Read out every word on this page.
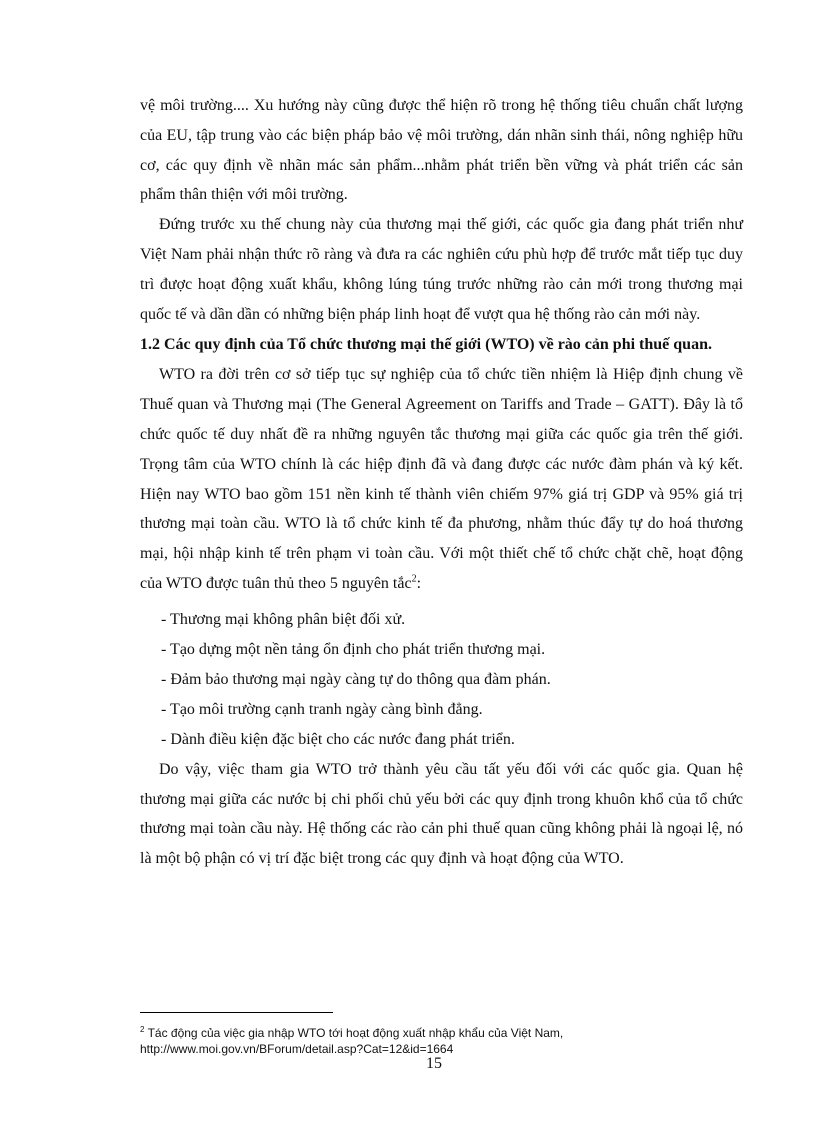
vệ môi trường.... Xu hướng này cũng được thể hiện rõ trong hệ thống tiêu chuẩn chất lượng của EU, tập trung vào các biện pháp bảo vệ môi trường, dán nhãn sinh thái, nông nghiệp hữu cơ, các quy định về nhãn mác sản phẩm...nhằm phát triển bền vững và phát triển các sản phẩm thân thiện với môi trường.

Đứng trước xu thế chung này của thương mại thế giới, các quốc gia đang phát triển như Việt Nam phải nhận thức rõ ràng và đưa ra các nghiên cứu phù hợp để trước mắt tiếp tục duy trì được hoạt động xuất khẩu, không lúng túng trước những rào cản mới trong thương mại quốc tế và dần dần có những biện pháp linh hoạt để vượt qua hệ thống rào cản mới này.

1.2 Các quy định của Tổ chức thương mại thế giới (WTO) về rào cản phi thuế quan.

WTO ra đời trên cơ sở tiếp tục sự nghiệp của tổ chức tiền nhiệm là Hiệp định chung về Thuế quan và Thương mại (The General Agreement on Tariffs and Trade – GATT). Đây là tổ chức quốc tế duy nhất đề ra những nguyên tắc thương mại giữa các quốc gia trên thế giới. Trọng tâm của WTO chính là các hiệp định đã và đang được các nước đàm phán và ký kết. Hiện nay WTO bao gồm 151 nền kinh tế thành viên chiếm 97% giá trị GDP và 95% giá trị thương mại toàn cầu. WTO là tổ chức kinh tế đa phương, nhằm thúc đẩy tự do hoá thương mại, hội nhập kinh tế trên phạm vi toàn cầu. Với một thiết chế tổ chức chặt chẽ, hoạt động của WTO được tuân thủ theo 5 nguyên tắc$^2$:

- Thương mại không phân biệt đối xử.
- Tạo dựng một nền tảng ổn định cho phát triển thương mại.
- Đảm bảo thương mại ngày càng tự do thông qua đàm phán.
- Tạo môi trường cạnh tranh ngày càng bình đẳng.
- Dành điều kiện đặc biệt cho các nước đang phát triển.

Do vậy, việc tham gia WTO trở thành yêu cầu tất yếu đối với các quốc gia. Quan hệ thương mại giữa các nước bị chi phối chủ yếu bởi các quy định trong khuôn khổ của tổ chức thương mại toàn cầu này. Hệ thống các rào cản phi thuế quan cũng không phải là ngoại lệ, nó là một bộ phận có vị trí đặc biệt trong các quy định và hoạt động của WTO.

$^2$ Tác động của việc gia nhập WTO tới hoạt động xuất nhập khẩu của Việt Nam,
http://www.moi.gov.vn/BForum/detail.asp?Cat=12&id=1664
15
